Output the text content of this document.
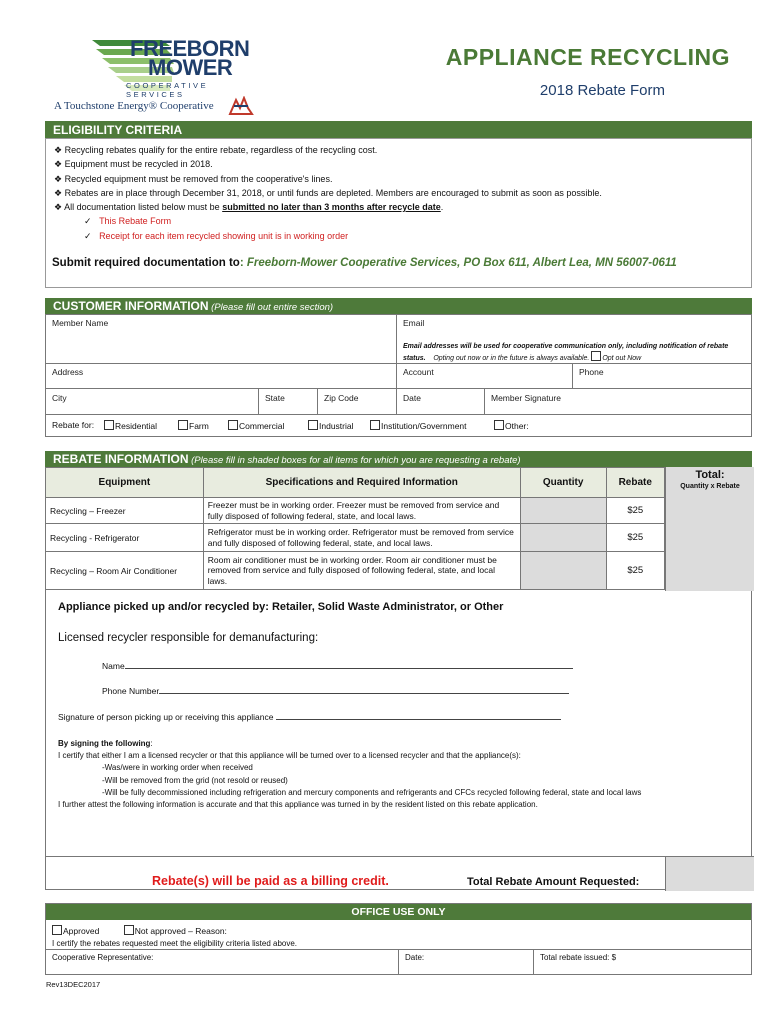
FREEBORN
MOWER
COOPERATIVE SERVICES
A Touchstone Energy® Cooperative
APPLIANCE RECYCLING
2018 Rebate Form
ELIGIBILITY CRITERIA
❖ Recycling rebates qualify for the entire rebate, regardless of the recycling cost.
❖ Equipment must be recycled in 2018.
❖ Recycled equipment must be removed from the cooperative's lines.
❖ Rebates are in place through December 31, 2018, or until funds are depleted. Members are encouraged to submit as soon as possible.
❖ All documentation listed below must be submitted no later than 3 months after recycle date.
✓ This Rebate Form
✓ Receipt for each item recycled showing unit is in working order
Submit required documentation to: Freeborn-Mower Cooperative Services, PO Box 611, Albert Lea, MN 56007-0611
CUSTOMER INFORMATION (Please fill out entire section)
Member Name	Email
Email addresses will be used for cooperative communication only, including notification of rebate status. Opting out now or in the future is always available. Opt out Now
Address	Account	Phone
City	State	Zip Code	Date	Member Signature
Rebate for:	Residential	Farm	Commercial	Industrial	Institution/Government	Other:
REBATE INFORMATION (Please fill in shaded boxes for all items for which you are requesting a rebate)
Equipment	Specifications and Required Information	Quantity	Rebate
Recycling – Freezer	Freezer must be in working order. Freezer must be removed from service and fully disposed of following federal, state, and local laws.		$25
Recycling - Refrigerator	Refrigerator must be in working order. Refrigerator must be removed from service and fully disposed of following federal, state, and local laws.		$25
Recycling – Room Air Conditioner	Room air conditioner must be in working order. Room air conditioner must be removed from service and fully disposed of following federal, state, and local laws.		$25
Total:
Quantity x Rebate
Appliance picked up and/or recycled by: Retailer, Solid Waste Administrator, or Other
Licensed recycler responsible for demanufacturing:
Name
Phone Number
Signature of person picking up or receiving this appliance
By signing the following:
I certify that either I am a licensed recycler or that this appliance will be turned over to a licensed recycler and that the appliance(s):
-Was/were in working order when received
-Will be removed from the grid (not resold or reused)
-Will be fully decommissioned including refrigeration and mercury components and refrigerants and CFCs recycled following federal, state and local laws
I further attest the following information is accurate and that this appliance was turned in by the resident listed on this rebate application.
Rebate(s) will be paid as a billing credit.	Total Rebate Amount Requested:
OFFICE USE ONLY
Approved	Not approved – Reason:
I certify the rebates requested meet the eligibility criteria listed above.
Cooperative Representative:	Date:	Total rebate issued: $
Rev13DEC2017
